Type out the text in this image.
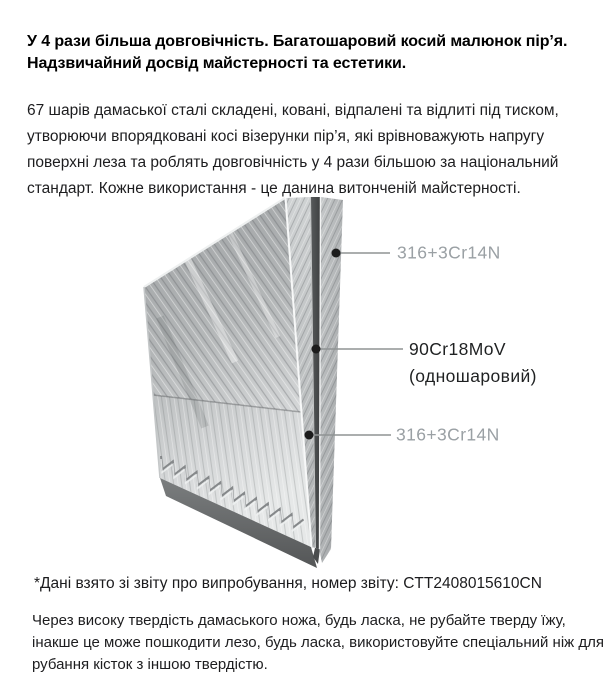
У 4 рази більша довговічність. Багатошаровий косий малюнок пір’я. Надзвичайний досвід майстерності та естетики.

67 шарів дамаської сталі складені, ковані, відпалені та відлиті під тиском, утворюючи впорядковані косі візерунки пір’я, які врівноважують напругу поверхні леза та роблять довговічність у 4 рази більшою за національний стандарт. Кожне використання - це данина витонченій майстерності.

316+3Cr14N
90Cr18MoV
(одношаровий)
316+3Cr14N

*Дані взято зі звіту про випробування, номер звіту: CTT2408015610CN

Через високу твердість дамаського ножа, будь ласка, не рубайте тверду їжу, інакше це може пошкодити лезо, будь ласка, використовуйте спеціальний ніж для рубання кісток з іншою твердістю.
